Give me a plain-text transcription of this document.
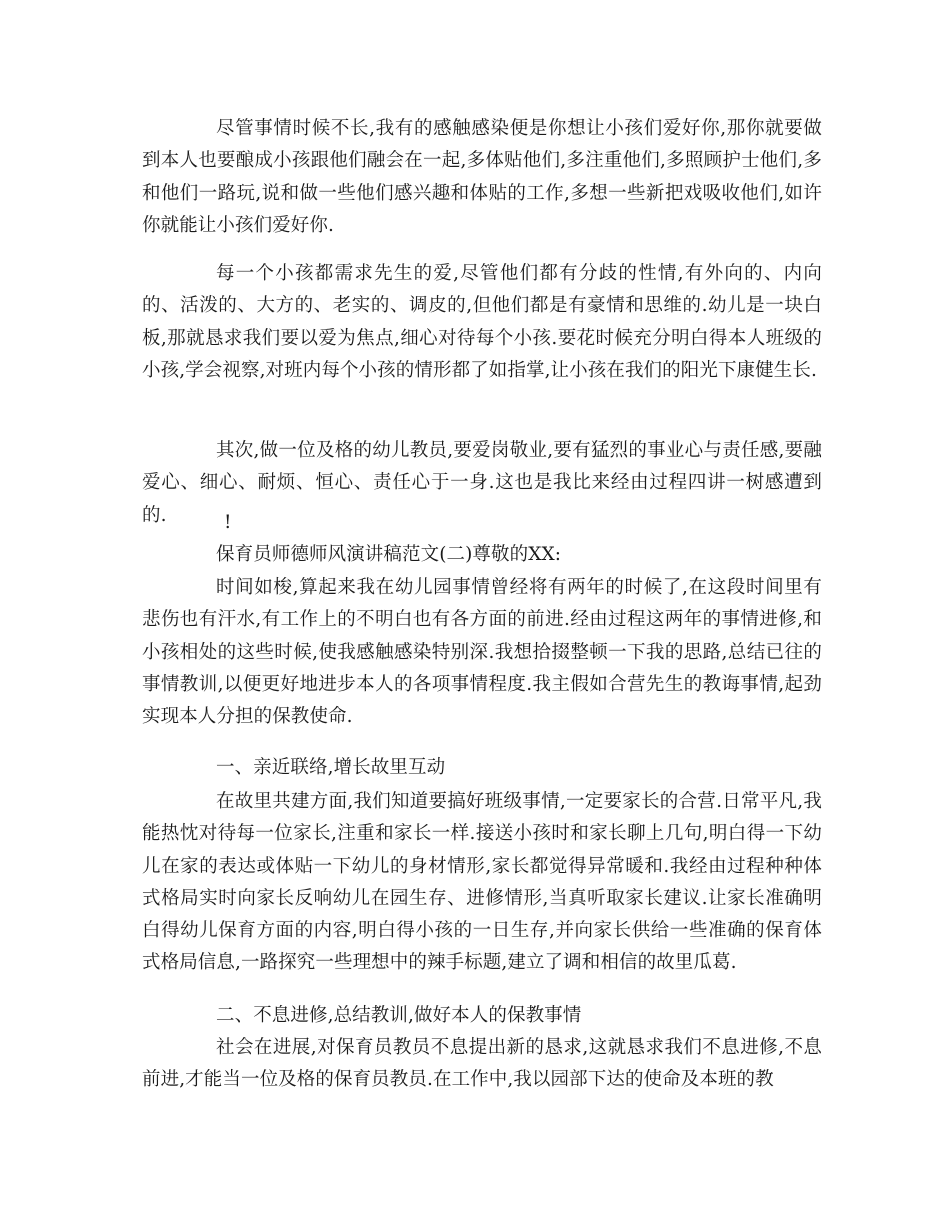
尽管事情时候不长,我有的感触感染便是你想让小孩们爱好你,那你就要做到本人也要酿成小孩跟他们融会在一起,多体贴他们,多注重他们,多照顾护士他们,多和他们一路玩,说和做一些他们感兴趣和体贴的工作,多想一些新把戏吸收他们,如许你就能让小孩们爱好你.

每一个小孩都需求先生的爱,尽管他们都有分歧的性情,有外向的、内向的、活泼的、大方的、老实的、调皮的,但他们都是有豪情和思维的.幼儿是一块白板,那就恳求我们要以爱为焦点,细心对待每个小孩.要花时候充分明白得本人班级的小孩,学会视察,对班内每个小孩的情形都了如指掌,让小孩在我们的阳光下康健生长.

其次,做一位及格的幼儿教员,要爱岗敬业,要有猛烈的事业心与责任感,要融爱心、细心、耐烦、恒心、责任心于一身.这也是我比来经由过程四讲一树感遭到的.	!

保育员师德师风演讲稿范文(二)尊敬的XX:

时间如梭,算起来我在幼儿园事情曾经将有两年的时候了,在这段时间里有悲伤也有汗水,有工作上的不明白也有各方面的前进.经由过程这两年的事情进修,和小孩相处的这些时候,使我感触感染特别深.我想拾掇整顿一下我的思路,总结已往的事情教训,以便更好地进步本人的各项事情程度.我主假如合营先生的教诲事情,起劲实现本人分担的保教使命.

一、亲近联络,增长故里互动

在故里共建方面,我们知道要搞好班级事情,一定要家长的合营.日常平凡,我能热忱对待每一位家长,注重和家长一样.接送小孩时和家长聊上几句,明白得一下幼儿在家的表达或体贴一下幼儿的身材情形,家长都觉得异常暖和.我经由过程种种体式格局实时向家长反响幼儿在园生存、进修情形,当真听取家长建议.让家长准确明白得幼儿保育方面的内容,明白得小孩的一日生存,并向家长供给一些准确的保育体式格局信息,一路探究一些理想中的辣手标题,建立了调和相信的故里瓜葛.

二、不息进修,总结教训,做好本人的保教事情

社会在进展,对保育员教员不息提出新的恳求,这就恳求我们不息进修,不息前进,才能当一位及格的保育员教员.在工作中,我以园部下达的使命及本班的教
